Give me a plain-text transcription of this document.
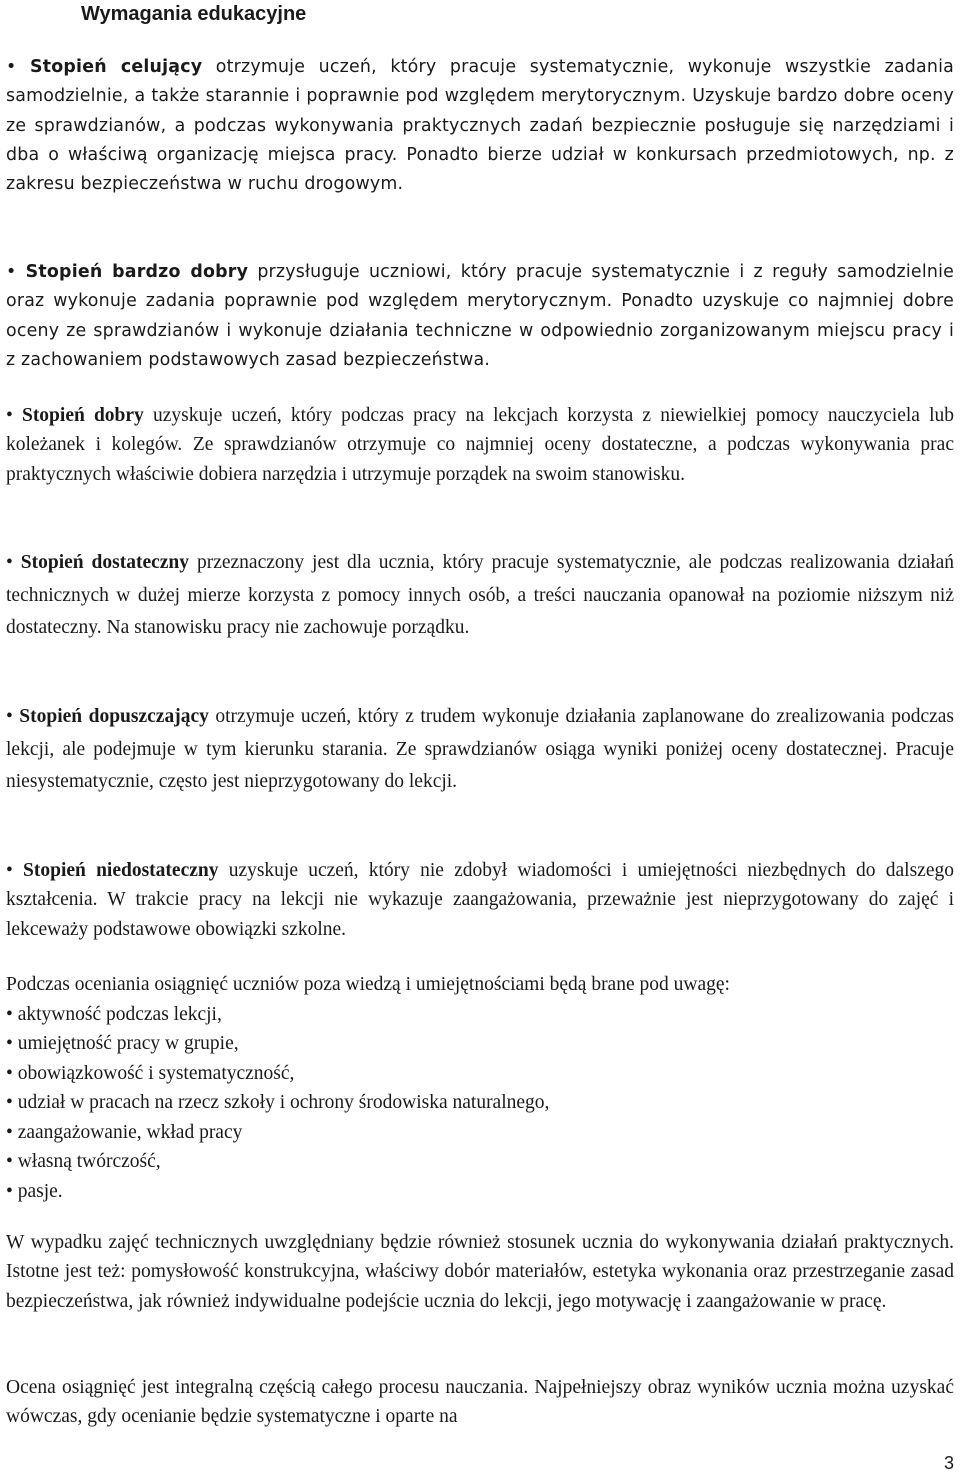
Wymagania edukacyjne
• Stopień celujący otrzymuje uczeń, który pracuje systematycznie, wykonuje wszystkie zadania samodzielnie, a także starannie i poprawnie pod względem merytorycznym. Uzyskuje bardzo dobre oceny ze sprawdzianów, a podczas wykonywania praktycznych zadań bezpiecznie posługuje się narzędziami i dba o właściwą organizację miejsca pracy. Ponadto bierze udział w konkursach przedmiotowych, np. z zakresu bezpieczeństwa w ruchu drogowym.
• Stopień bardzo dobry przysługuje uczniowi, który pracuje systematycznie i z reguły samodzielnie oraz wykonuje zadania poprawnie pod względem merytorycznym. Ponadto uzyskuje co najmniej dobre oceny ze sprawdzianów i wykonuje działania techniczne w odpowiednio zorganizowanym miejscu pracy i z zachowaniem podstawowych zasad bezpieczeństwa.
• Stopień dobry uzyskuje uczeń, który podczas pracy na lekcjach korzysta z niewielkiej pomocy nauczyciela lub koleżanek i kolegów. Ze sprawdzianów otrzymuje co najmniej oceny dostateczne, a podczas wykonywania prac praktycznych właściwie dobiera narzędzia i utrzymuje porządek na swoim stanowisku.
• Stopień dostateczny przeznaczony jest dla ucznia, który pracuje systematycznie, ale podczas realizowania działań technicznych w dużej mierze korzysta z pomocy innych osób, a treści nauczania opanował na poziomie niższym niż dostateczny. Na stanowisku pracy nie zachowuje porządku.
• Stopień dopuszczający otrzymuje uczeń, który z trudem wykonuje działania zaplanowane do zrealizowania podczas lekcji, ale podejmuje w tym kierunku starania. Ze sprawdzianów osiąga wyniki poniżej oceny dostatecznej. Pracuje niesystematycznie, często jest nieprzygotowany do lekcji.
• Stopień niedostateczny uzyskuje uczeń, który nie zdobył wiadomości i umiejętności niezbędnych do dalszego kształcenia. W trakcie pracy na lekcji nie wykazuje zaangażowania, przeważnie jest nieprzygotowany do zajęć i lekceważy podstawowe obowiązki szkolne.
Podczas oceniania osiągnięć uczniów poza wiedzą i umiejętnościami będą brane pod uwagę:
• aktywność podczas lekcji,
• umiejętność pracy w grupie,
• obowiązkowość i systematyczność,
• udział w pracach na rzecz szkoły i ochrony środowiska naturalnego,
• zaangażowanie, wkład pracy
• własną twórczość,
• pasje.
W wypadku zajęć technicznych uwzględniany będzie również stosunek ucznia do wykonywania działań praktycznych. Istotne jest też: pomysłowość konstrukcyjna, właściwy dobór materiałów, estetyka wykonania oraz przestrzeganie zasad bezpieczeństwa, jak również indywidualne podejście ucznia do lekcji, jego motywację i zaangażowanie w pracę.
Ocena osiągnięć jest integralną częścią całego procesu nauczania. Najpełniejszy obraz wyników ucznia można uzyskać wówczas, gdy ocenianie będzie systematyczne i oparte na
3
